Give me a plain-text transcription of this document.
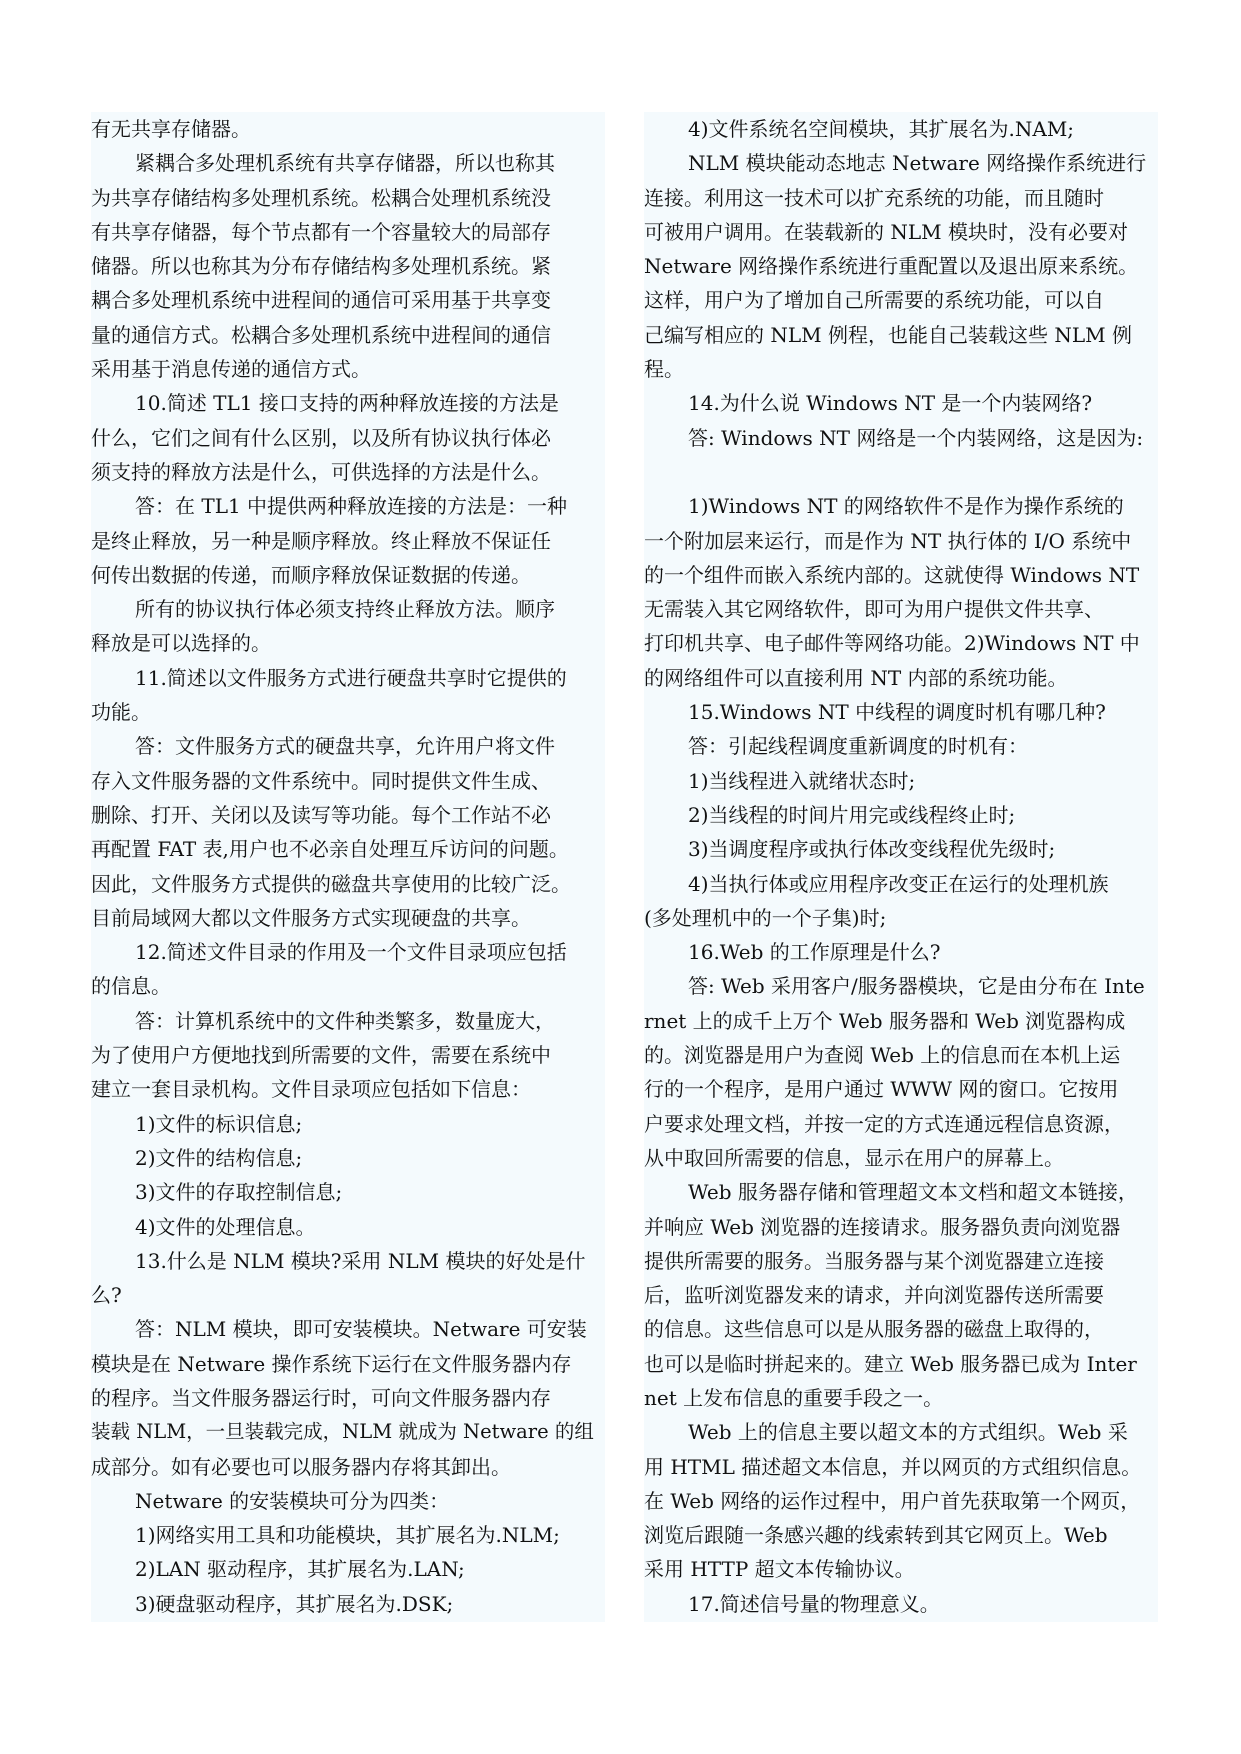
有无共享存储器。
紧耦合多处理机系统有共享存储器，所以也称其
为共享存储结构多处理机系统。松耦合处理机系统没
有共享存储器，每个节点都有一个容量较大的局部存
储器。所以也称其为分布存储结构多处理机系统。紧
耦合多处理机系统中进程间的通信可采用基于共享变
量的通信方式。松耦合多处理机系统中进程间的通信
采用基于消息传递的通信方式。
10.简述 TL1 接口支持的两种释放连接的方法是
什么，它们之间有什么区别，以及所有协议执行体必
须支持的释放方法是什么，可供选择的方法是什么。
答：在 TL1 中提供两种释放连接的方法是：一种
是终止释放，另一种是顺序释放。终止释放不保证任
何传出数据的传递，而顺序释放保证数据的传递。
所有的协议执行体必须支持终止释放方法。顺序
释放是可以选择的。
11.简述以文件服务方式进行硬盘共享时它提供的
功能。
答：文件服务方式的硬盘共享，允许用户将文件
存入文件服务器的文件系统中。同时提供文件生成、
删除、打开、关闭以及读写等功能。每个工作站不必
再配置 FAT 表,用户也不必亲自处理互斥访问的问题。
因此，文件服务方式提供的磁盘共享使用的比较广泛。
目前局域网大都以文件服务方式实现硬盘的共享。
12.简述文件目录的作用及一个文件目录项应包括
的信息。
答：计算机系统中的文件种类繁多，数量庞大，
为了使用户方便地找到所需要的文件，需要在系统中
建立一套目录机构。文件目录项应包括如下信息：
1)文件的标识信息;
2)文件的结构信息;
3)文件的存取控制信息;
4)文件的处理信息。
13.什么是 NLM 模块?采用 NLM 模块的好处是什
么?
答：NLM 模块，即可安装模块。Netware 可安装
模块是在 Netware 操作系统下运行在文件服务器内存
的程序。当文件服务器运行时，可向文件服务器内存
装载 NLM，一旦装载完成，NLM 就成为 Netware 的组
成部分。如有必要也可以服务器内存将其卸出。
Netware 的安装模块可分为四类：
1)网络实用工具和功能模块，其扩展名为.NLM;
2)LAN 驱动程序，其扩展名为.LAN;
3)硬盘驱动程序，其扩展名为.DSK;
4)文件系统名空间模块，其扩展名为.NAM;
NLM 模块能动态地志 Netware 网络操作系统进行
连接。利用这一技术可以扩充系统的功能，而且随时
可被用户调用。在装载新的 NLM 模块时，没有必要对
Netware 网络操作系统进行重配置以及退出原来系统。
这样，用户为了增加自己所需要的系统功能，可以自
己编写相应的 NLM 例程，也能自己装载这些 NLM 例
程。
14.为什么说 Windows NT 是一个内装网络?
答: Windows NT 网络是一个内装网络，这是因为:
1)Windows NT 的网络软件不是作为操作系统的
一个附加层来运行，而是作为 NT 执行体的 I/O 系统中
的一个组件而嵌入系统内部的。这就使得 Windows NT
无需装入其它网络软件，即可为用户提供文件共享、
打印机共享、电子邮件等网络功能。2)Windows NT 中
的网络组件可以直接利用 NT 内部的系统功能。
15.Windows NT 中线程的调度时机有哪几种?
答：引起线程调度重新调度的时机有：
1)当线程进入就绪状态时;
2)当线程的时间片用完或线程终止时;
3)当调度程序或执行体改变线程优先级时;
4)当执行体或应用程序改变正在运行的处理机族
(多处理机中的一个子集)时;
16.Web 的工作原理是什么?
答: Web 采用客户/服务器模块，它是由分布在 Inte
rnet 上的成千上万个 Web 服务器和 Web 浏览器构成
的。浏览器是用户为查阅 Web 上的信息而在本机上运
行的一个程序，是用户通过 WWW 网的窗口。它按用
户要求处理文档，并按一定的方式连通远程信息资源，
从中取回所需要的信息，显示在用户的屏幕上。
Web 服务器存储和管理超文本文档和超文本链接，
并响应 Web 浏览器的连接请求。服务器负责向浏览器
提供所需要的服务。当服务器与某个浏览器建立连接
后，监听浏览器发来的请求，并向浏览器传送所需要
的信息。这些信息可以是从服务器的磁盘上取得的，
也可以是临时拼起来的。建立 Web 服务器已成为 Inter
net 上发布信息的重要手段之一。
Web 上的信息主要以超文本的方式组织。Web 采
用 HTML 描述超文本信息，并以网页的方式组织信息。
在 Web 网络的运作过程中，用户首先获取第一个网页，
浏览后跟随一条感兴趣的线索转到其它网页上。Web
采用 HTTP 超文本传输协议。
17.简述信号量的物理意义。
